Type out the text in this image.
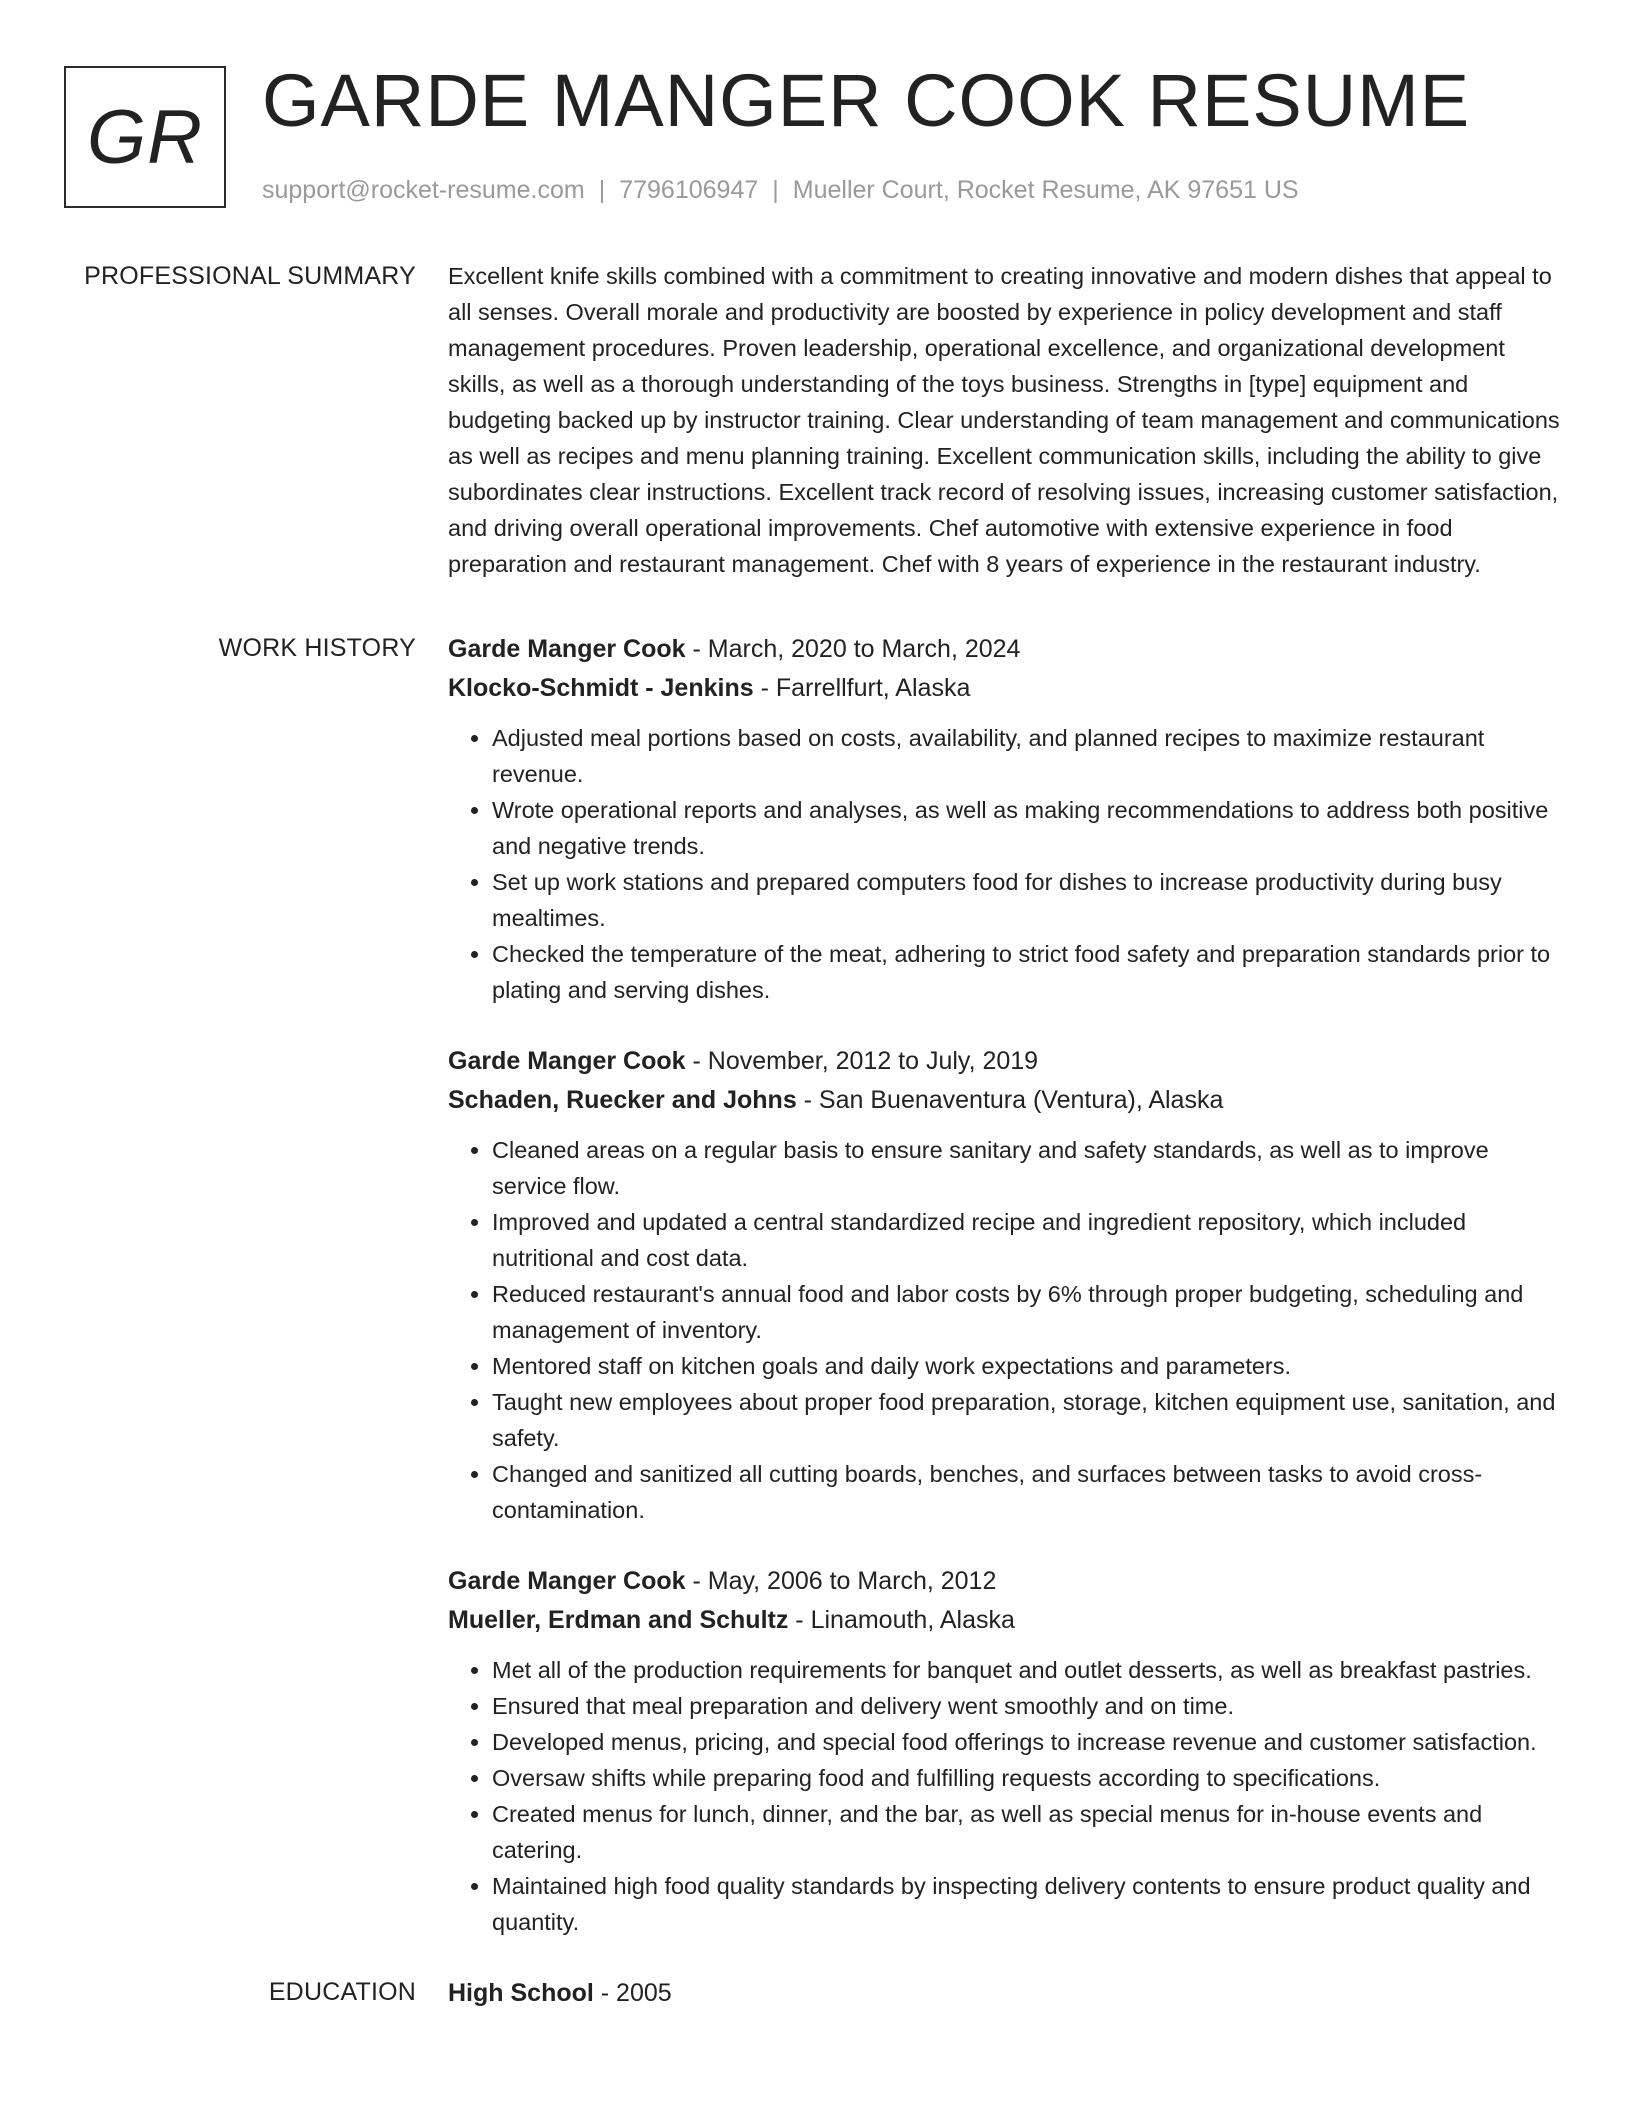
GR GARDE MANGER COOK RESUME
support@rocket-resume.com | 7796106947 | Mueller Court, Rocket Resume, AK 97651 US
PROFESSIONAL SUMMARY Excellent knife skills combined with a commitment to creating innovative and modern dishes that appeal to all senses. Overall morale and productivity are boosted by experience in policy development and staff management procedures. Proven leadership, operational excellence, and organizational development skills, as well as a thorough understanding of the toys business. Strengths in [type] equipment and budgeting backed up by instructor training. Clear understanding of team management and communications as well as recipes and menu planning training. Excellent communication skills, including the ability to give subordinates clear instructions. Excellent track record of resolving issues, increasing customer satisfaction, and driving overall operational improvements. Chef automotive with extensive experience in food preparation and restaurant management. Chef with 8 years of experience in the restaurant industry.

WORK HISTORY Garde Manger Cook - March, 2020 to March, 2024
Klocko-Schmidt - Jenkins - Farrellfurt, Alaska
• Adjusted meal portions based on costs, availability, and planned recipes to maximize restaurant revenue.
• Wrote operational reports and analyses, as well as making recommendations to address both positive and negative trends.
• Set up work stations and prepared computers food for dishes to increase productivity during busy mealtimes.
• Checked the temperature of the meat, adhering to strict food safety and preparation standards prior to plating and serving dishes.
Garde Manger Cook - November, 2012 to July, 2019
Schaden, Ruecker and Johns - San Buenaventura (Ventura), Alaska
• Cleaned areas on a regular basis to ensure sanitary and safety standards, as well as to improve service flow.
• Improved and updated a central standardized recipe and ingredient repository, which included nutritional and cost data.
• Reduced restaurant's annual food and labor costs by 6% through proper budgeting, scheduling and management of inventory.
• Mentored staff on kitchen goals and daily work expectations and parameters.
• Taught new employees about proper food preparation, storage, kitchen equipment use, sanitation, and safety.
• Changed and sanitized all cutting boards, benches, and surfaces between tasks to avoid cross-contamination.
Garde Manger Cook - May, 2006 to March, 2012
Mueller, Erdman and Schultz - Linamouth, Alaska
• Met all of the production requirements for banquet and outlet desserts, as well as breakfast pastries.
• Ensured that meal preparation and delivery went smoothly and on time.
• Developed menus, pricing, and special food offerings to increase revenue and customer satisfaction.
• Oversaw shifts while preparing food and fulfilling requests according to specifications.
• Created menus for lunch, dinner, and the bar, as well as special menus for in-house events and catering.
• Maintained high food quality standards by inspecting delivery contents to ensure product quality and quantity.
EDUCATION High School - 2005
